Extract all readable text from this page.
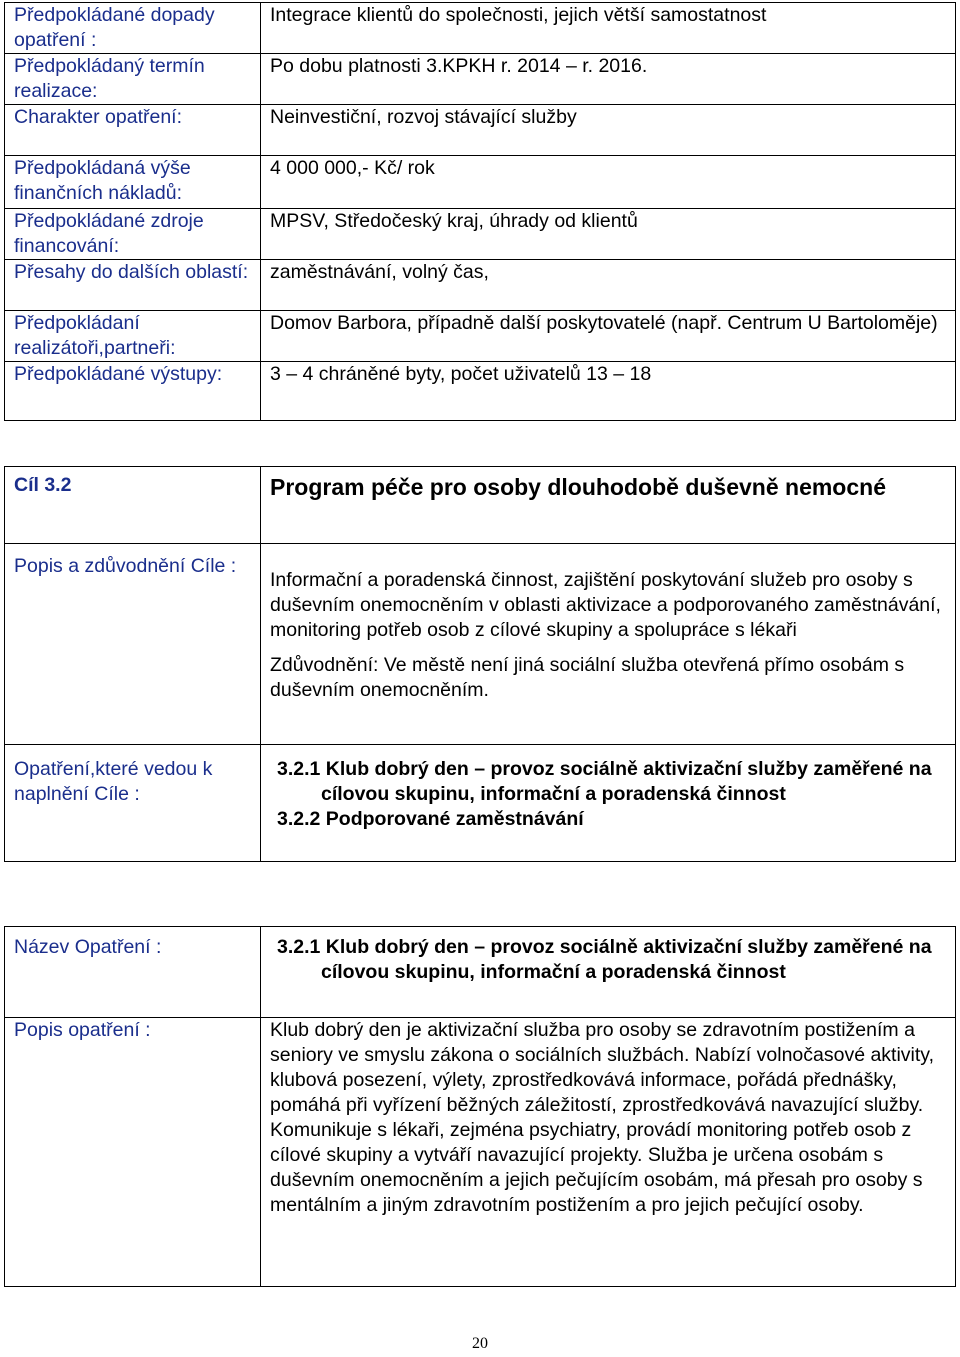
Předpokládané dopady opatření :	Integrace klientů do společnosti, jejich větší samostatnost
Předpokládaný termín realizace:	Po dobu platnosti 3.KPKH r. 2014 – r. 2016.
Charakter opatření:	Neinvestiční, rozvoj stávající služby
Předpokládaná výše finančních nákladů:	4 000 000,- Kč/ rok
Předpokládané zdroje financování:	MPSV, Středočeský kraj, úhrady od klientů
Přesahy do dalších oblastí:	zaměstnávání, volný čas,
Předpokládaní realizátoři,partneři:	Domov Barbora, případně další poskytovatelé (např. Centrum U Bartoloměje)
Předpokládané výstupy:	3 – 4 chráněné byty, počet uživatelů 13 – 18
Cíl 3.2	Program péče pro osoby dlouhodobě duševně nemocné

Popis a zdůvodnění Cíle :	Informační a poradenská činnost, zajištění poskytování služeb pro osoby s duševním onemocněním v oblasti aktivizace a podporovaného zaměstnávání, monitoring potřeb osob z cílové skupiny a spolupráce s lékaři

Zdůvodnění: Ve městě není jiná sociální služba otevřená přímo osobám s duševním onemocněním.

Opatření,které vedou k naplnění Cíle :	3.2.1 Klub dobrý den – provoz sociálně aktivizační služby zaměřené na cílovou skupinu, informační a poradenská činnost

3.2.2 Podporované zaměstnávání

Název Opatření :	3.2.1 Klub dobrý den – provoz sociálně aktivizační služby zaměřené na cílovou skupinu, informační a poradenská činnost

Popis opatření :	Klub dobrý den je aktivizační služba pro osoby se zdravotním postižením a seniory ve smyslu zákona o sociálních službách. Nabízí volnočasové aktivity, klubová posezení, výlety, zprostředkovává informace, pořádá přednášky, pomáhá při vyřízení běžných záležitostí, zprostředkovává navazující služby. Komunikuje s lékaři, zejména psychiatry, provádí monitoring potřeb osob z cílové skupiny a vytváří navazující projekty. Služba je určena osobám s duševním onemocněním a jejich pečujícím osobám, má přesah pro osoby s mentálním a jiným zdravotním postižením a pro jejich pečující osoby.
20
